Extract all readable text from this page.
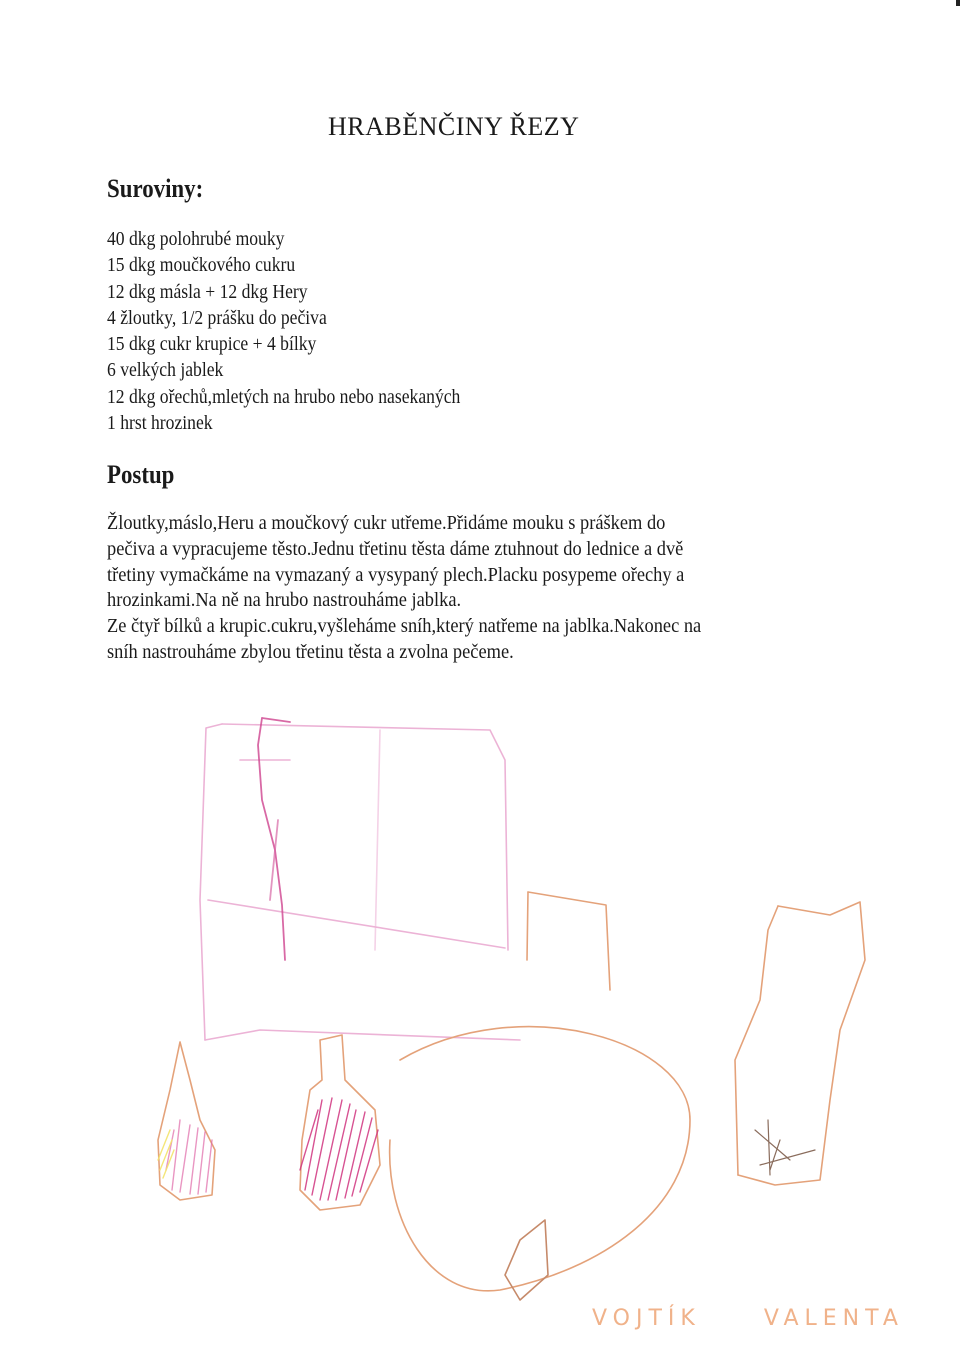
HRABĚNČINY ŘEZY
Suroviny:
40 dkg polohrubé mouky
15 dkg moučkového cukru
12 dkg másla + 12 dkg Hery
4 žloutky, 1/2 prášku do pečiva
15 dkg cukr krupice + 4 bílky
6 velkých jablek
12 dkg ořechů,mletých na hrubo nebo nasekaných
1 hrst hrozinek
Postup

Žloutky,máslo,Heru a moučkový cukr utřeme.Přidáme mouku s práškem do

pečiva a vypracujeme těsto.Jednu třetinu těsta dáme ztuhnout do lednice a dvě

třetiny vymačkáme na vymazaný a vysypaný plech.Placku posypeme ořechy a

hrozinkami.Na ně na hrubo nastrouháme jablka.

Ze čtyř bílků a krupic.cukru,vyšleháme sníh,který natřeme na jablka.Nakonec na

sníh nastrouháme zbylou třetinu těsta a zvolna pečeme.

VOJTÍK	VALENTA
